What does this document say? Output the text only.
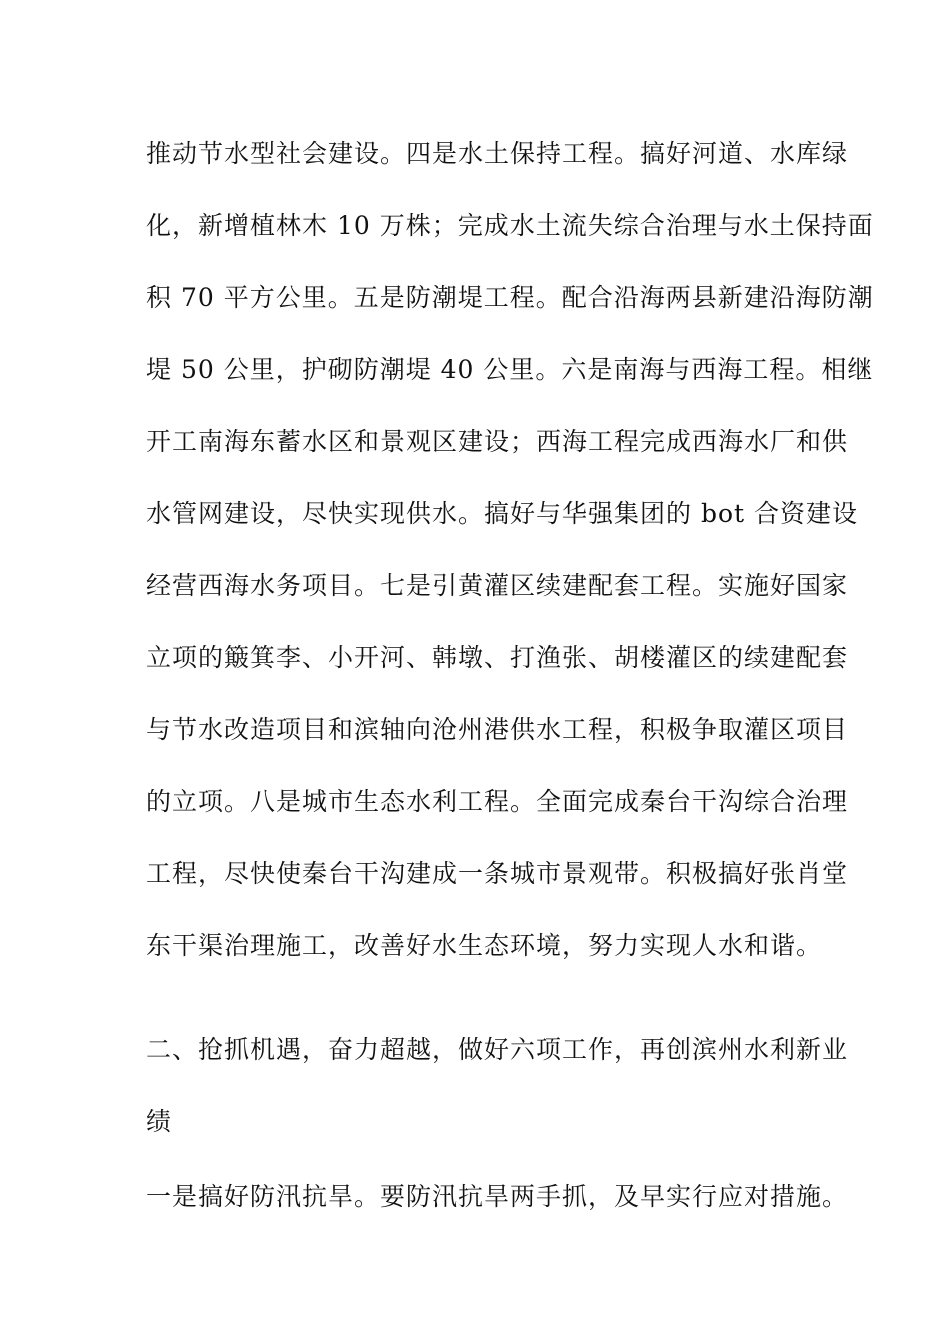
推动节水型社会建设。四是水土保持工程。搞好河道、水库绿
化，新增植林木 10 万株；完成水土流失综合治理与水土保持面
积 70 平方公里。五是防潮堤工程。配合沿海两县新建沿海防潮
堤 50 公里，护砌防潮堤 40 公里。六是南海与西海工程。相继
开工南海东蓄水区和景观区建设；西海工程完成西海水厂和供
水管网建设，尽快实现供水。搞好与华强集团的 bot 合资建设
经营西海水务项目。七是引黄灌区续建配套工程。实施好国家
立项的簸箕李、小开河、韩墩、打渔张、胡楼灌区的续建配套
与节水改造项目和滨轴向沧州港供水工程，积极争取灌区项目
的立项。八是城市生态水利工程。全面完成秦台干沟综合治理
工程，尽快使秦台干沟建成一条城市景观带。积极搞好张肖堂
东干渠治理施工，改善好水生态环境，努力实现人水和谐。
二、抢抓机遇，奋力超越，做好六项工作，再创滨州水利新业
绩
一是搞好防汛抗旱。要防汛抗旱两手抓，及早实行应对措施。
